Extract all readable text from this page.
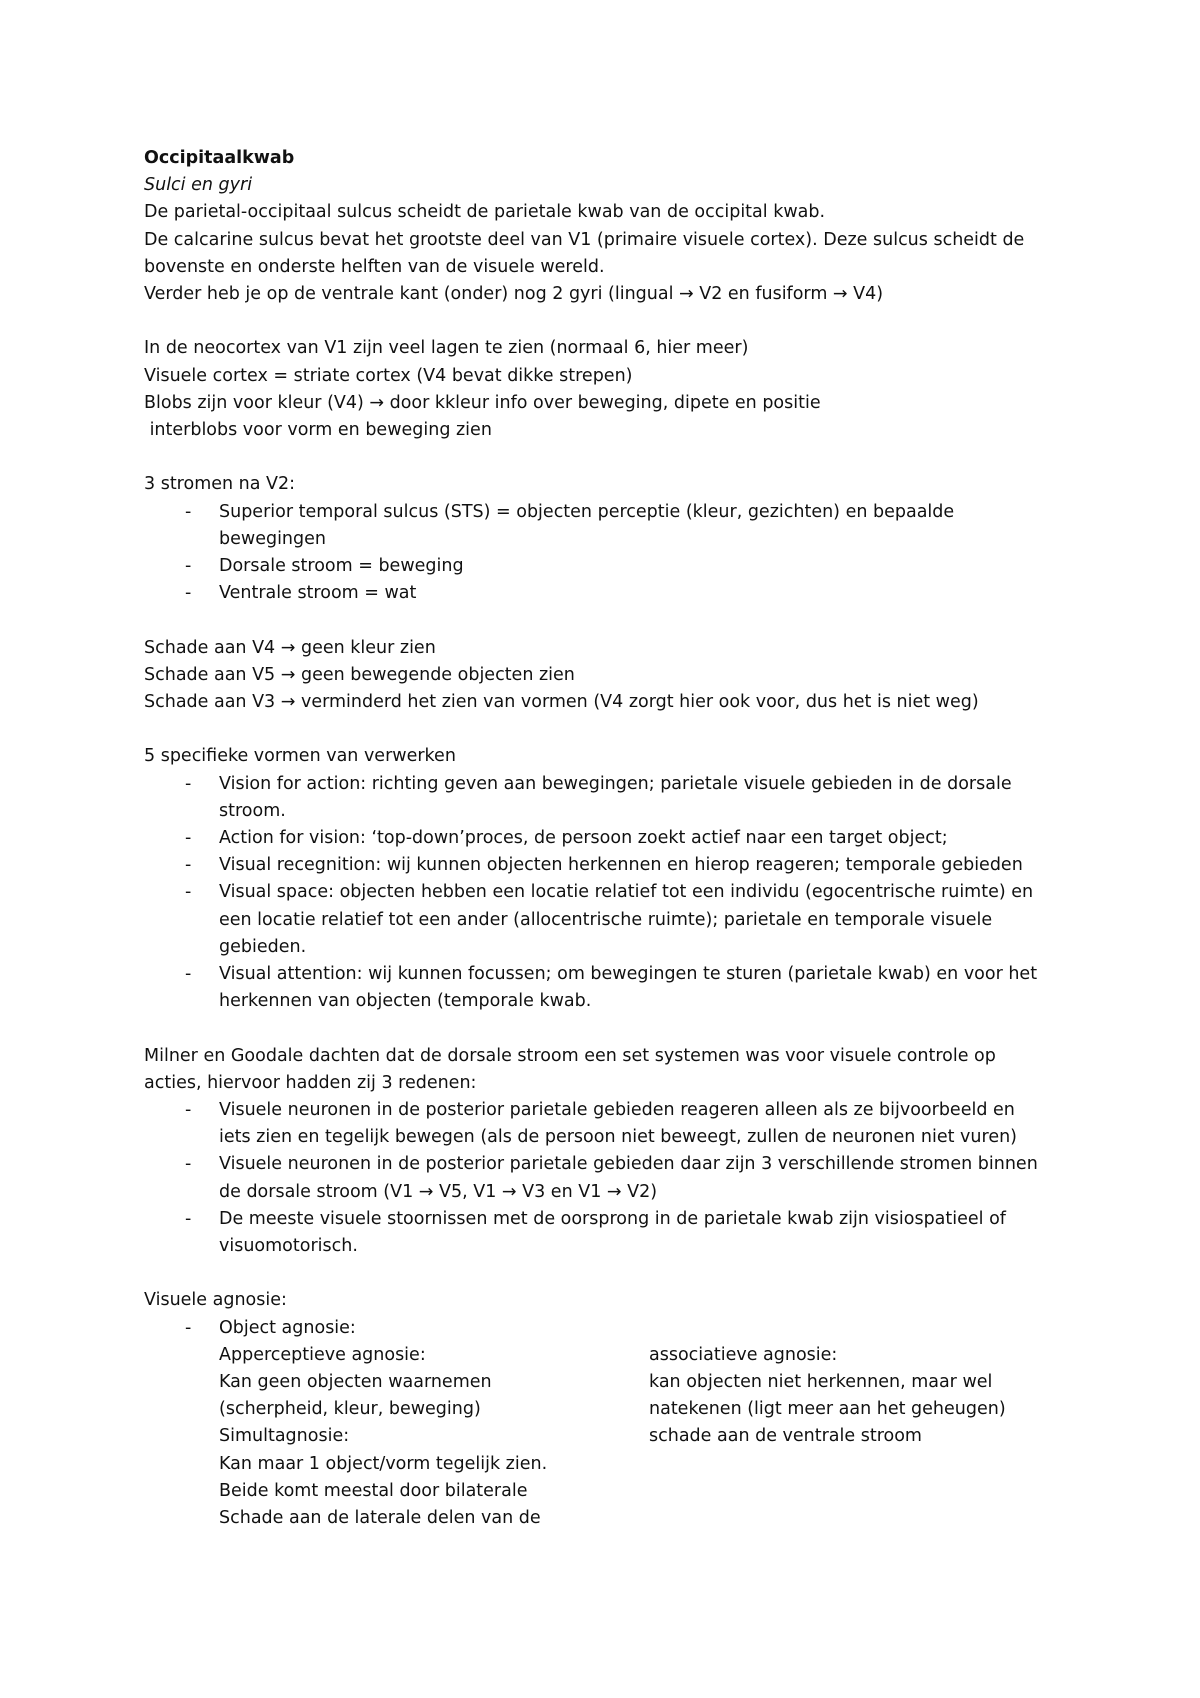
Occipitaalkwab
Sulci en gyri
De parietal-occipitaal sulcus scheidt de parietale kwab van de occipital kwab.
De calcarine sulcus bevat het grootste deel van V1 (primaire visuele cortex). Deze sulcus scheidt de
bovenste en onderste helften van de visuele wereld.
Verder heb je op de ventrale kant (onder) nog 2 gyri (lingual → V2 en fusiform → V4)
In de neocortex van V1 zijn veel lagen te zien (normaal 6, hier meer)
Visuele cortex = striate cortex (V4 bevat dikke strepen)
Blobs zijn voor kleur (V4) → door kkleur info over beweging, dipete en positie
interblobs voor vorm en beweging zien
3 stromen na V2:
- Superior temporal sulcus (STS) = objecten perceptie (kleur, gezichten) en bepaalde
bewegingen
- Dorsale stroom = beweging
- Ventrale stroom = wat
Schade aan V4 → geen kleur zien
Schade aan V5 → geen bewegende objecten zien
Schade aan V3 → verminderd het zien van vormen (V4 zorgt hier ook voor, dus het is niet weg)
5 specifieke vormen van verwerken
- Vision for action: richting geven aan bewegingen; parietale visuele gebieden in de dorsale
stroom.
- Action for vision: ‘top-down’proces, de persoon zoekt actief naar een target object;
- Visual recegnition: wij kunnen objecten herkennen en hierop reageren; temporale gebieden
- Visual space: objecten hebben een locatie relatief tot een individu (egocentrische ruimte) en
een locatie relatief tot een ander (allocentrische ruimte); parietale en temporale visuele
gebieden.
- Visual attention: wij kunnen focussen; om bewegingen te sturen (parietale kwab) en voor het
herkennen van objecten (temporale kwab.
Milner en Goodale dachten dat de dorsale stroom een set systemen was voor visuele controle op
acties, hiervoor hadden zij 3 redenen:
- Visuele neuronen in de posterior parietale gebieden reageren alleen als ze bijvoorbeeld en
iets zien en tegelijk bewegen (als de persoon niet beweegt, zullen de neuronen niet vuren)
- Visuele neuronen in de posterior parietale gebieden daar zijn 3 verschillende stromen binnen
de dorsale stroom (V1 → V5, V1 → V3 en V1 → V2)
- De meeste visuele stoornissen met de oorsprong in de parietale kwab zijn visiospatieel of
visuomotorisch.
Visuele agnosie:
- Object agnosie:
Apperceptieve agnosie:
Kan geen objecten waarnemen
(scherpheid, kleur, beweging)
Simultagnosie:
Kan maar 1 object/vorm tegelijk zien.
Beide komt meestal door bilaterale
Schade aan de laterale delen van de
associatieve agnosie:
kan objecten niet herkennen, maar wel
natekenen (ligt meer aan het geheugen)
schade aan de ventrale stroom
